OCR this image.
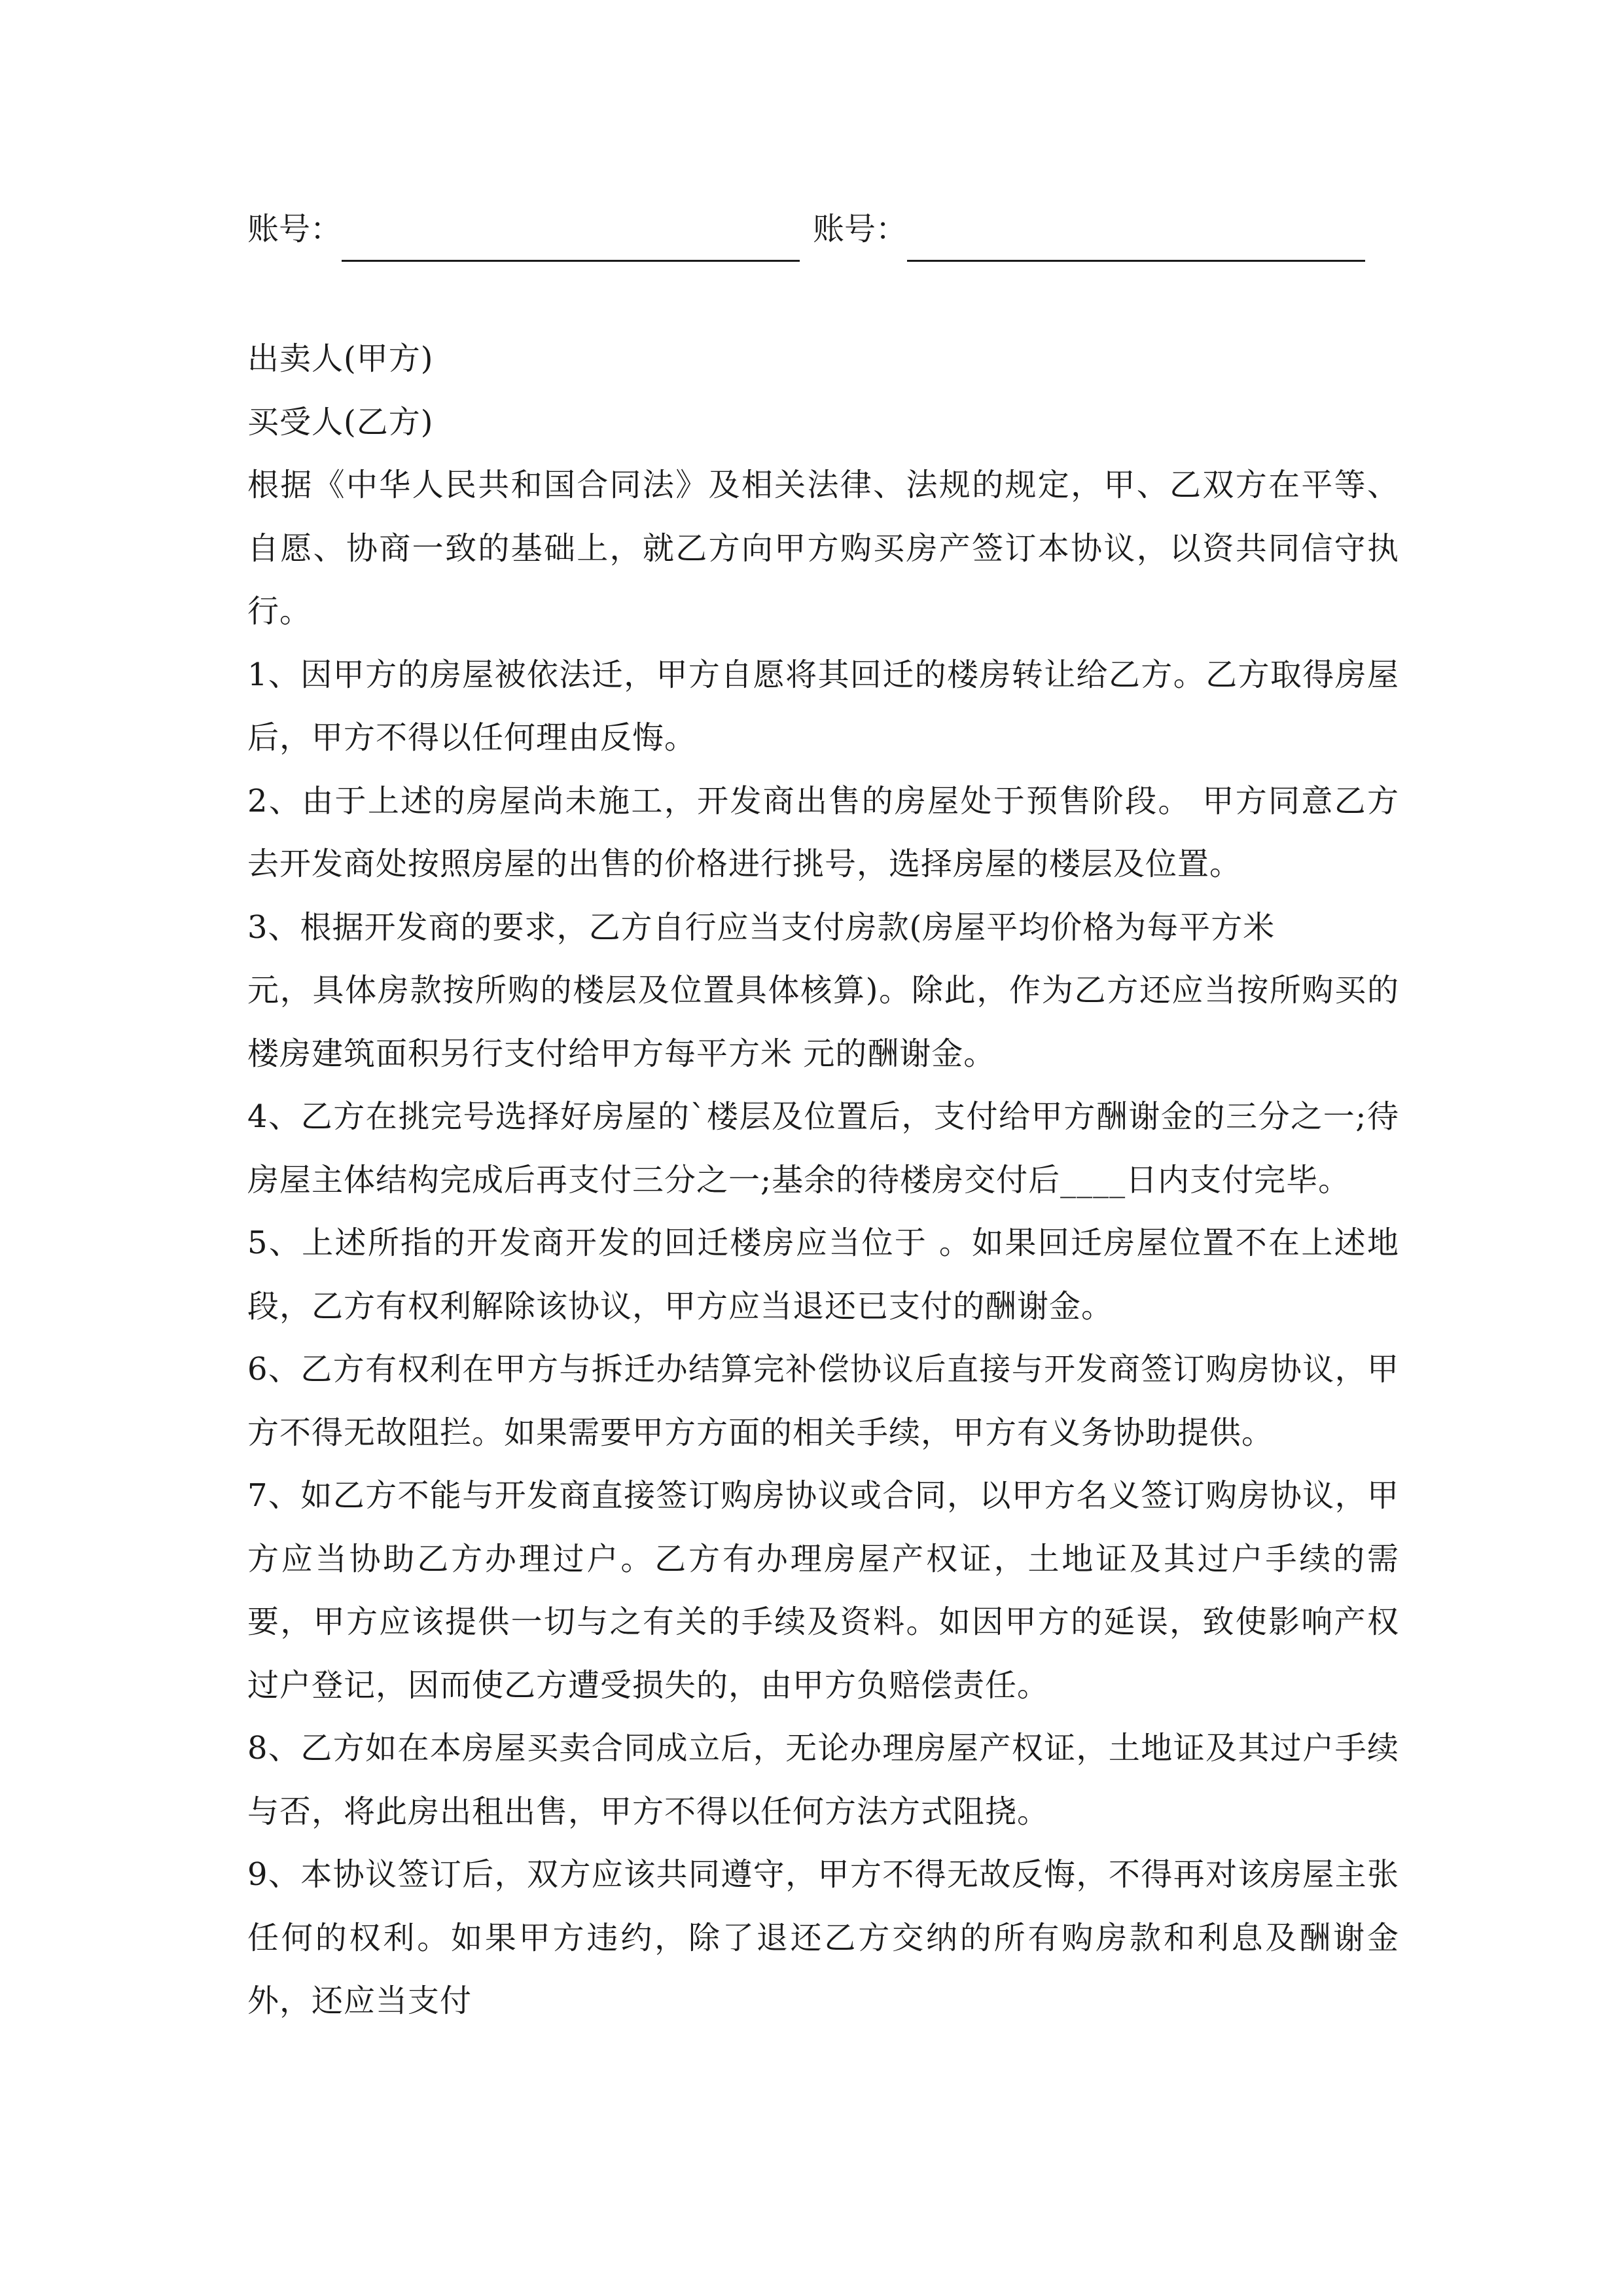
账号：	账号：

出卖人(甲方)

买受人(乙方)

根据《中华人民共和国合同法》及相关法律、法规的规定，甲、乙双方在平等、自愿、协商一致的基础上，就乙方向甲方购买房产签订本协议，以资共同信守执行。

1、因甲方的房屋被依法迁，甲方自愿将其回迁的楼房转让给乙方。乙方取得房屋后，甲方不得以任何理由反悔。

2、由于上述的房屋尚未施工，开发商出售的房屋处于预售阶段。 甲方同意乙方去开发商处按照房屋的出售的价格进行挑号，选择房屋的楼层及位置。

3、根据开发商的要求，乙方自行应当支付房款(房屋平均价格为每平方米

元，具体房款按所购的楼层及位置具体核算)。除此，作为乙方还应当按所购买的楼房建筑面积另行支付给甲方每平方米 元的酬谢金。

4、乙方在挑完号选择好房屋的`楼层及位置后，支付给甲方酬谢金的三分之一;待房屋主体结构完成后再支付三分之一;基余的待楼房交付后____日内支付完毕。

5、上述所指的开发商开发的回迁楼房应当位于 。如果回迁房屋位置不在上述地段，乙方有权利解除该协议，甲方应当退还已支付的酬谢金。

6、乙方有权利在甲方与拆迁办结算完补偿协议后直接与开发商签订购房协议，甲方不得无故阻拦。如果需要甲方方面的相关手续，甲方有义务协助提供。

7、如乙方不能与开发商直接签订购房协议或合同，以甲方名义签订购房协议，甲方应当协助乙方办理过户。乙方有办理房屋产权证，土地证及其过户手续的需要，甲方应该提供一切与之有关的手续及资料。如因甲方的延误，致使影响产权过户登记，因而使乙方遭受损失的，由甲方负赔偿责任。

8、乙方如在本房屋买卖合同成立后，无论办理房屋产权证，土地证及其过户手续与否，将此房出租出售，甲方不得以任何方法方式阻挠。

9、本协议签订后，双方应该共同遵守，甲方不得无故反悔，不得再对该房屋主张任何的权利。如果甲方违约，除了退还乙方交纳的所有购房款和利息及酬谢金外，还应当支付
